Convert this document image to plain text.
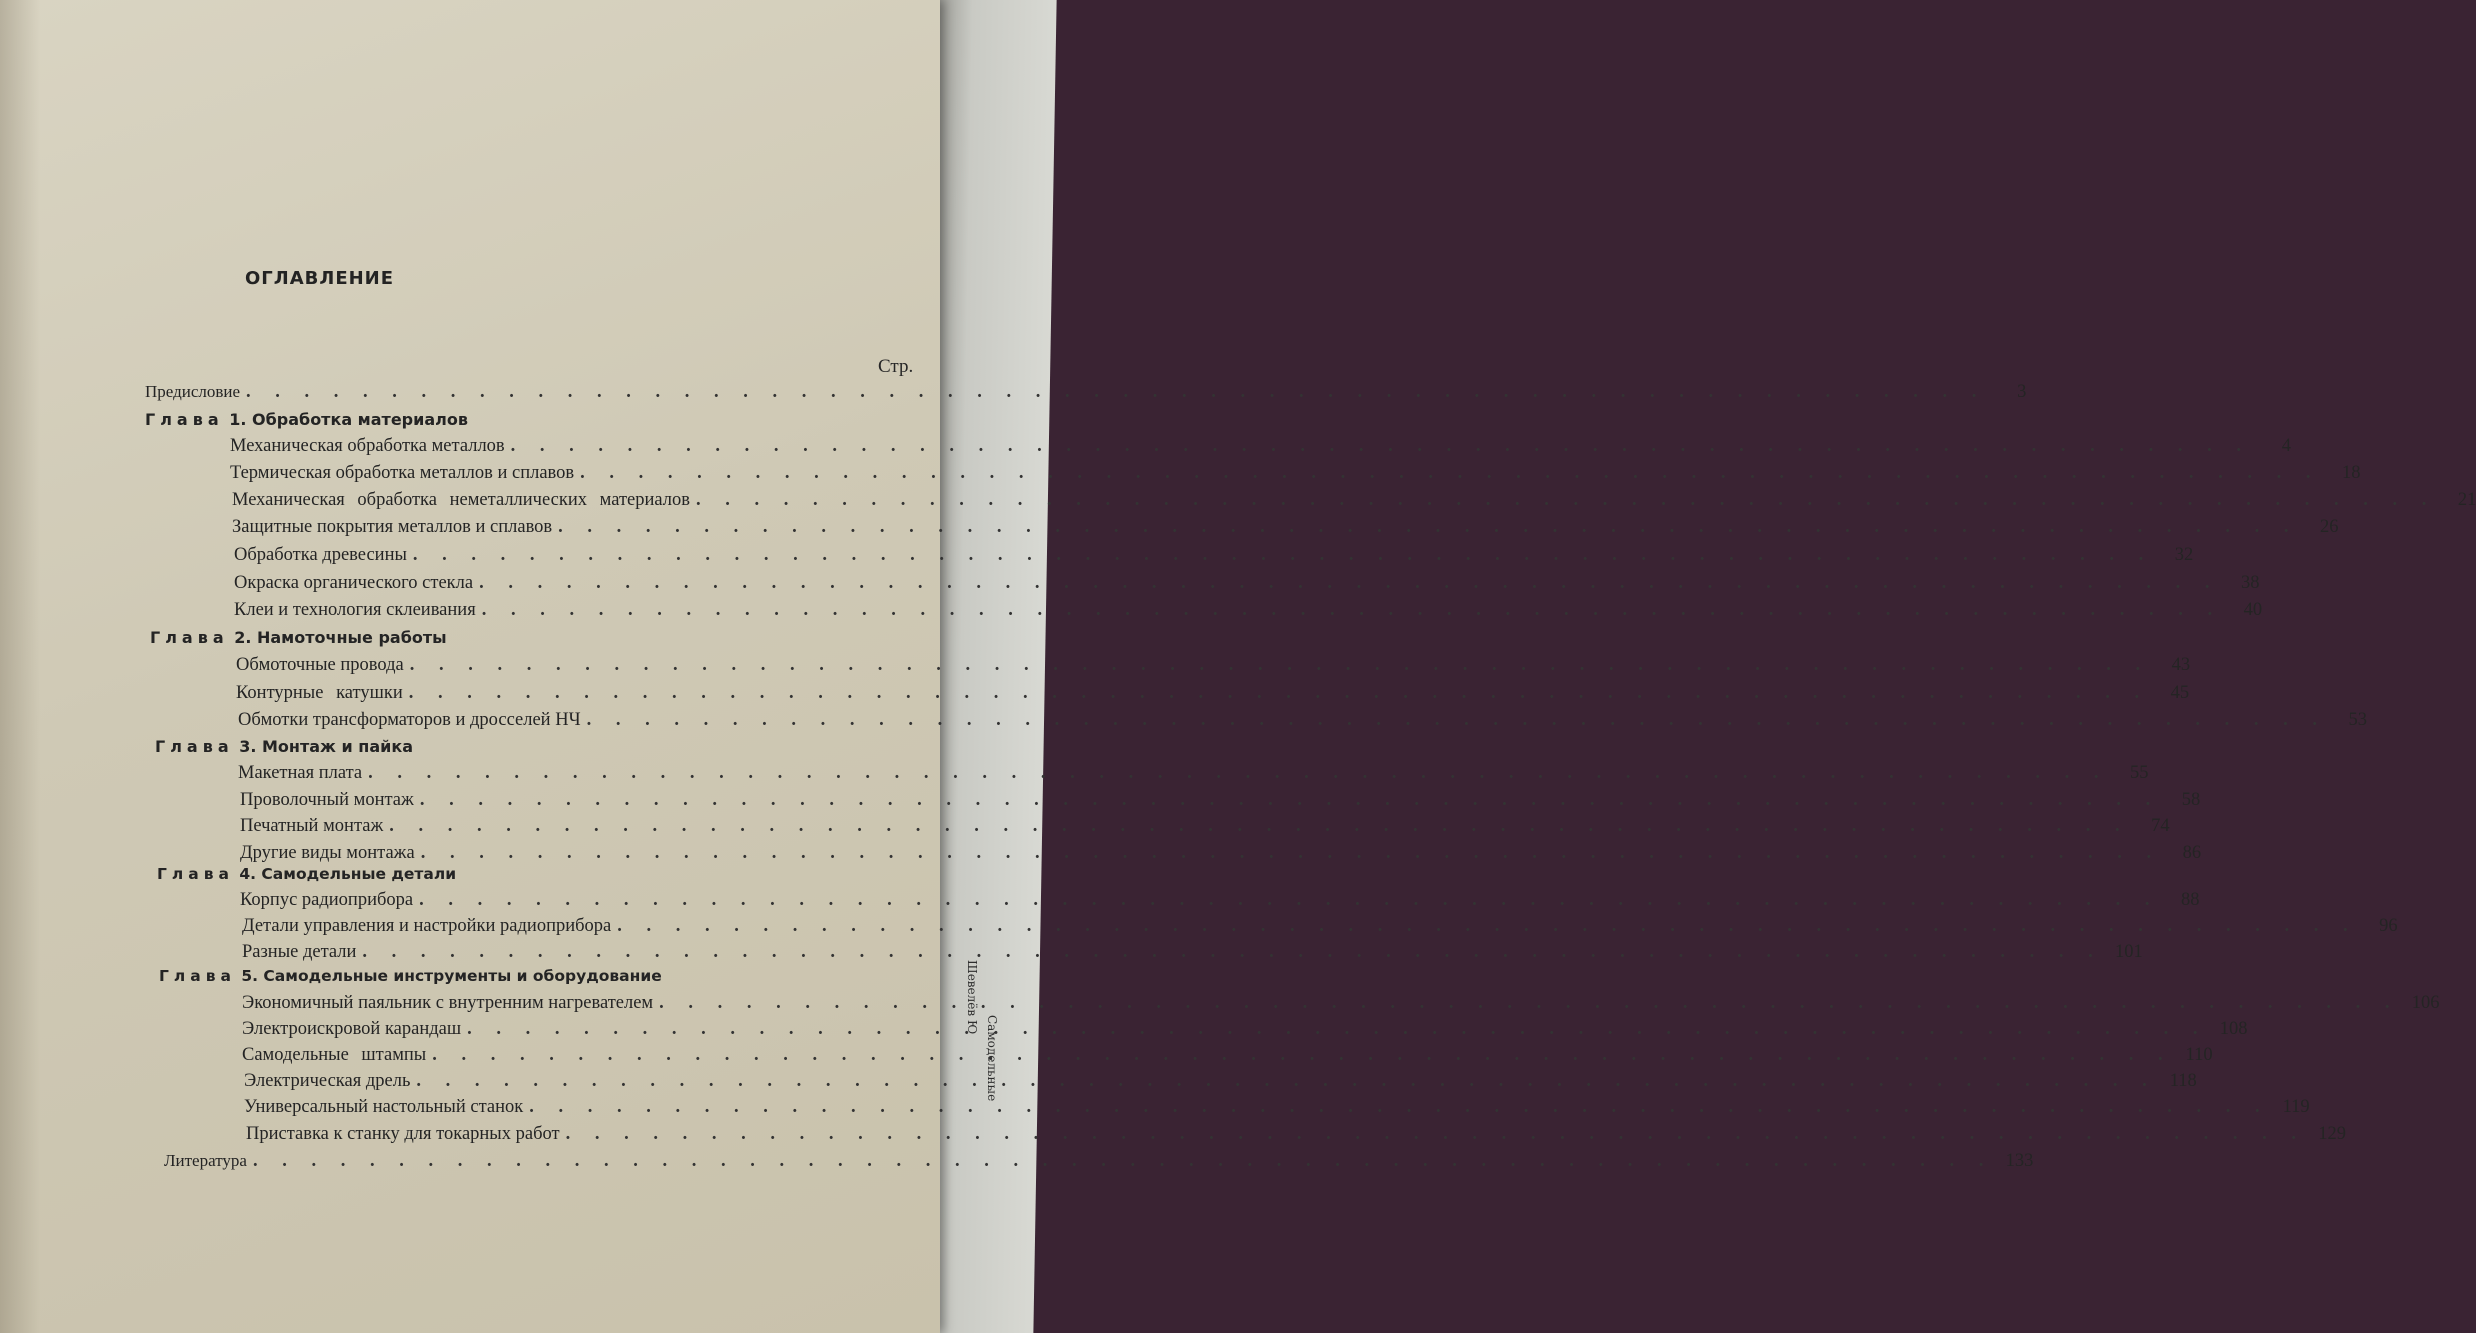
Шевелёв Ю
Самодельные
ОГЛАВЛЕНИЕ
Стр.
Предисловие . . . . . . . . . . . . . . . . . . . . . . . . . . . . . . . . . . . . . . . . . . . . . . . . . . . . . . . . . . . .	3
Глава 1. Обработка материалов
Механическая обработка металлов . . . . . . . . . . . . . . . . . . . . . . . . . . . . . . . . . . . . . . . . . . . . . . . . . . . . . . . . . . . .	4
Термическая обработка металлов и сплавов . . . . . . . . . . . . . . . . . . . . . . . . . . . . . . . . . . . . . . . . . . . . . . . . . . . . . . . . . . . .	18
Механическая обработка неметаллических материалов . . . . . . . . . . . . . . . . . . . . . . . . . . . . . . . . . . . . . . . . . . . . . . . . . . . . . . . . . . . .	21
Защитные покрытия металлов и сплавов . . . . . . . . . . . . . . . . . . . . . . . . . . . . . . . . . . . . . . . . . . . . . . . . . . . . . . . . . . . .	26
Обработка древесины . . . . . . . . . . . . . . . . . . . . . . . . . . . . . . . . . . . . . . . . . . . . . . . . . . . . . . . . . . . .	32
Окраска органического стекла . . . . . . . . . . . . . . . . . . . . . . . . . . . . . . . . . . . . . . . . . . . . . . . . . . . . . . . . . . . .	38
Клеи и технология склеивания . . . . . . . . . . . . . . . . . . . . . . . . . . . . . . . . . . . . . . . . . . . . . . . . . . . . . . . . . . . .	40
Глава 2. Намоточные работы
Обмоточные провода . . . . . . . . . . . . . . . . . . . . . . . . . . . . . . . . . . . . . . . . . . . . . . . . . . . . . . . . . . . .	43
Контурные катушки . . . . . . . . . . . . . . . . . . . . . . . . . . . . . . . . . . . . . . . . . . . . . . . . . . . . . . . . . . . .	45
Обмотки трансформаторов и дросселей НЧ . . . . . . . . . . . . . . . . . . . . . . . . . . . . . . . . . . . . . . . . . . . . . . . . . . . . . . . . . . . .	53
Глава 3. Монтаж и пайка
Макетная плата . . . . . . . . . . . . . . . . . . . . . . . . . . . . . . . . . . . . . . . . . . . . . . . . . . . . . . . . . . . .	55
Проволочный монтаж . . . . . . . . . . . . . . . . . . . . . . . . . . . . . . . . . . . . . . . . . . . . . . . . . . . . . . . . . . . .	58
Печатный монтаж . . . . . . . . . . . . . . . . . . . . . . . . . . . . . . . . . . . . . . . . . . . . . . . . . . . . . . . . . . . .	74
Другие виды монтажа . . . . . . . . . . . . . . . . . . . . . . . . . . . . . . . . . . . . . . . . . . . . . . . . . . . . . . . . . . . .	86
Глава 4. Самодельные детали
Корпус радиоприбора . . . . . . . . . . . . . . . . . . . . . . . . . . . . . . . . . . . . . . . . . . . . . . . . . . . . . . . . . . . .	88
Детали управления и настройки радиоприбора . . . . . . . . . . . . . . . . . . . . . . . . . . . . . . . . . . . . . . . . . . . . . . . . . . . . . . . . . . . .	96
Разные детали . . . . . . . . . . . . . . . . . . . . . . . . . . . . . . . . . . . . . . . . . . . . . . . . . . . . . . . . . . . . 101
Глава 5. Самодельные инструменты и оборудование
Экономичный паяльник с внутренним нагревателем . . . . . . . . . . . . . . . . . . . . . . . . . . . . . . . . . . . . . . . . . . . . . . . . . . . . . . . . . . . . 106
Электроискровой карандаш . . . . . . . . . . . . . . . . . . . . . . . . . . . . . . . . . . . . . . . . . . . . . . . . . . . . . . . . . . . . 108
Самодельные штампы . . . . . . . . . . . . . . . . . . . . . . . . . . . . . . . . . . . . . . . . . . . . . . . . . . . . . . . . . . . . 110
Электрическая дрель . . . . . . . . . . . . . . . . . . . . . . . . . . . . . . . . . . . . . . . . . . . . . . . . . . . . . . . . . . . . 118
Универсальный настольный станок . . . . . . . . . . . . . . . . . . . . . . . . . . . . . . . . . . . . . . . . . . . . . . . . . . . . . . . . . . . . 119
Приставка к станку для токарных работ . . . . . . . . . . . . . . . . . . . . . . . . . . . . . . . . . . . . . . . . . . . . . . . . . . . . . . . . . . . . 129
Литература . . . . . . . . . . . . . . . . . . . . . . . . . . . . . . . . . . . . . . . . . . . . . . . . . . . . . . . . . . . . 133
